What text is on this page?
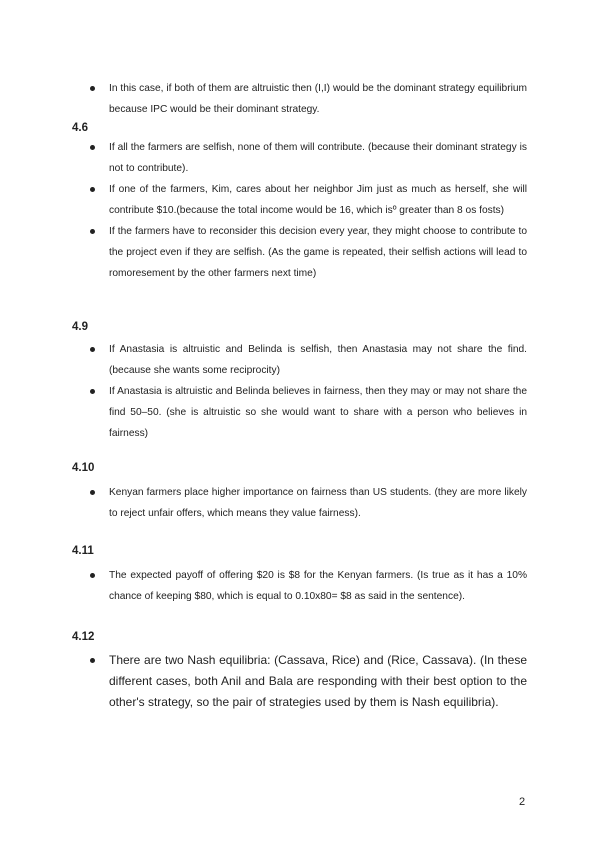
In this case, if both of them are altruistic then (I,I) would be the dominant strategy equilibrium because IPC would be their dominant strategy.
4.6
If all the farmers are selfish, none of them will contribute. (because their dominant strategy is not to contribute).
If one of the farmers, Kim, cares about her neighbor Jim just as much as herself, she will contribute $10.(because the total income would be 16, which isº greater than 8 os fosts)
If the farmers have to reconsider this decision every year, they might choose to contribute to the project even if they are selfish. (As the game is repeated, their selfish actions will lead to romoresement by the other farmers next time)
4.9
If Anastasia is altruistic and Belinda is selfish, then Anastasia may not share the find. (because she wants some reciprocity)
If Anastasia is altruistic and Belinda believes in fairness, then they may or may not share the find 50–50. (she is altruistic so she would want to share with a person who believes in fairness)
4.10
Kenyan farmers place higher importance on fairness than US students. (they are more likely to reject unfair offers, which means they value fairness).
4.11
The expected payoff of offering $20 is $8 for the Kenyan farmers. (Is true as it has a 10% chance of keeping $80, which is equal to 0.10x80= $8 as said in the sentence).
4.12
There are two Nash equilibria: (Cassava, Rice) and (Rice, Cassava). (In these different cases, both Anil and Bala are responding with their best option to the other's strategy, so the pair of strategies used by them is Nash equilibria).
2
